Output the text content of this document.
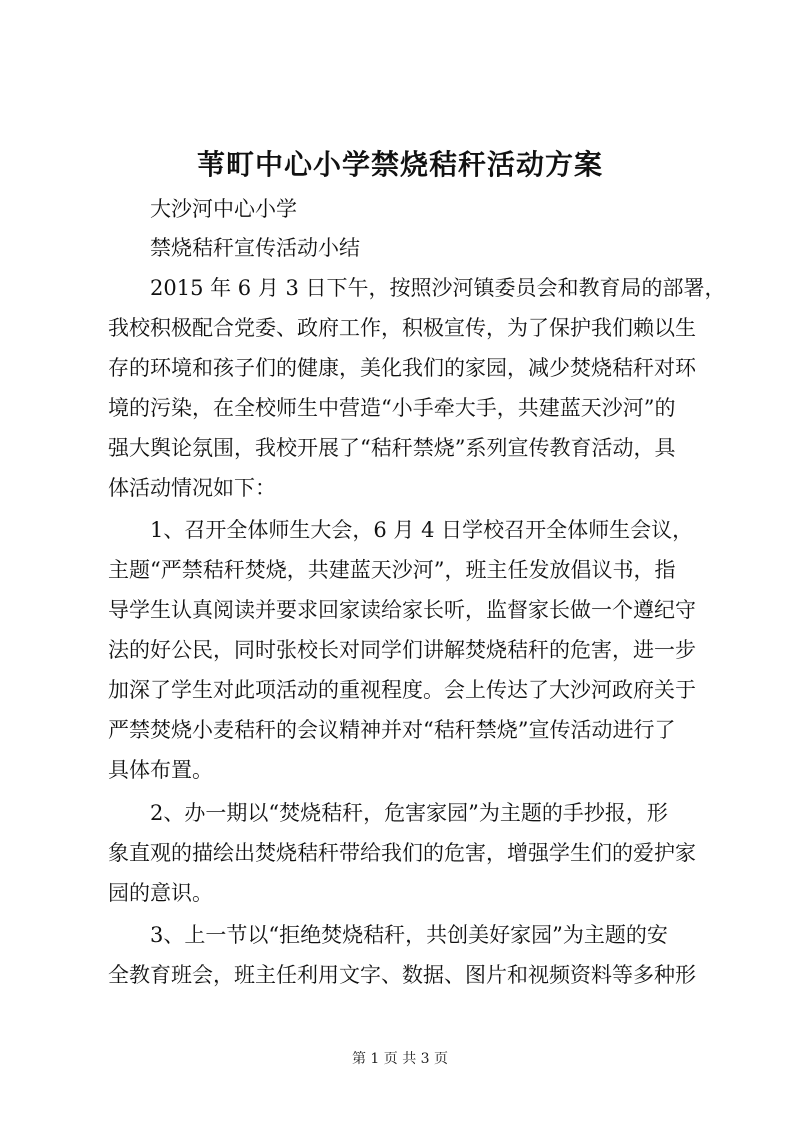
苇町中心小学禁烧秸秆活动方案
大沙河中心小学
禁烧秸秆宣传活动小结
2015 年 6 月 3 日下午，按照沙河镇委员会和教育局的部署，
我校积极配合党委、政府工作，积极宣传，为了保护我们赖以生
存的环境和孩子们的健康，美化我们的家园，减少焚烧秸秆对环
境的污染，在全校师生中营造“小手牵大手，共建蓝天沙河”的
强大舆论氛围，我校开展了“秸秆禁烧”系列宣传教育活动，具
体活动情况如下：
1、召开全体师生大会，6 月 4 日学校召开全体师生会议，
主题“严禁秸秆焚烧，共建蓝天沙河”，班主任发放倡议书，指
导学生认真阅读并要求回家读给家长听，监督家长做一个遵纪守
法的好公民，同时张校长对同学们讲解焚烧秸秆的危害，进一步
加深了学生对此项活动的重视程度。会上传达了大沙河政府关于
严禁焚烧小麦秸秆的会议精神并对“秸秆禁烧”宣传活动进行了
具体布置。
2、办一期以“焚烧秸秆，危害家园”为主题的手抄报，形
象直观的描绘出焚烧秸秆带给我们的危害，增强学生们的爱护家
园的意识。
3、上一节以“拒绝焚烧秸秆，共创美好家园”为主题的安
全教育班会，班主任利用文字、数据、图片和视频资料等多种形
第 1 页 共 3 页
